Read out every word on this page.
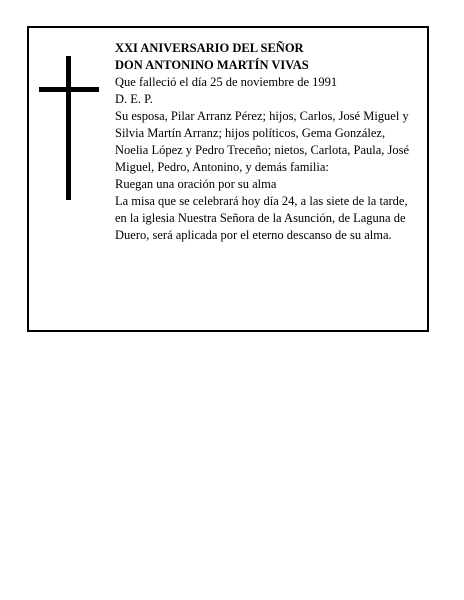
XXI ANIVERSARIO DEL SEÑOR

DON ANTONINO MARTÍN VIVAS

Que falleció el día 25 de noviembre de 1991

D. E. P.

Su esposa, Pilar Arranz Pérez; hijos, Carlos, José Miguel y Silvia Martín Arranz; hijos políticos, Gema González, Noelia López y Pedro Treceño; nietos, Carlota, Paula, José Miguel, Pedro, Antonino, y demás familia:

Ruegan una oración por su alma

La misa que se celebrará hoy día 24, a las siete de la tarde, en la iglesia Nuestra Señora de la Asunción, de Laguna de Duero, será aplicada por el eterno descanso de su alma.
